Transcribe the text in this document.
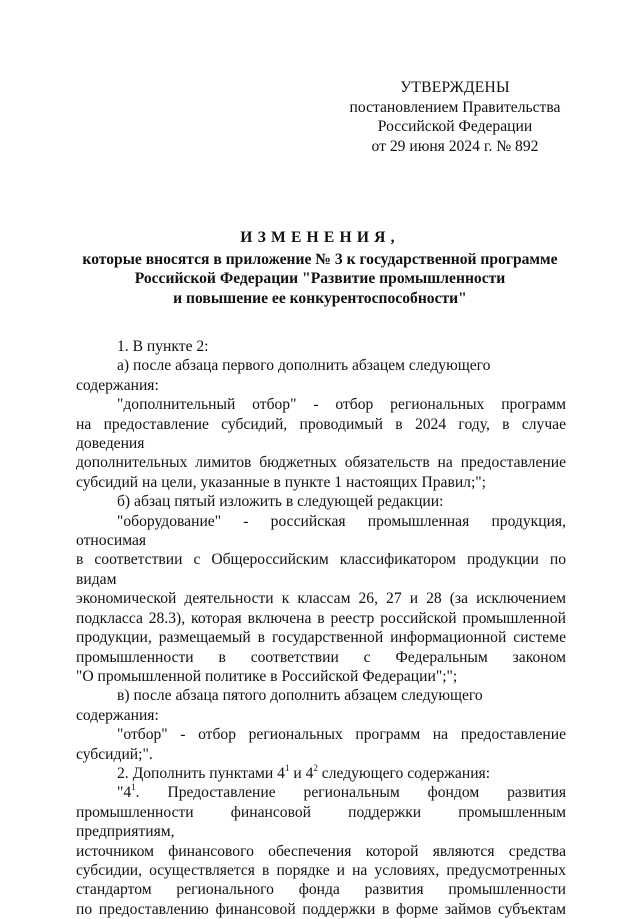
УТВЕРЖДЕНЫ
постановлением Правительства
Российской Федерации
от 29 июня 2024 г. № 892
ИЗМЕНЕНИЯ,
которые вносятся в приложение № 3 к государственной программе
Российской Федерации "Развитие промышленности
и повышение ее конкурентоспособности"
1. В пункте 2:
а) после абзаца первого дополнить абзацем следующего содержания:
"дополнительный отбор" - отбор региональных программ
на предоставление субсидий, проводимый в 2024 году, в случае доведения
дополнительных лимитов бюджетных обязательств на предоставление
субсидий на цели, указанные в пункте 1 настоящих Правил;";
б) абзац пятый изложить в следующей редакции:
"оборудование" - российская промышленная продукция, относимая
в соответствии с Общероссийским классификатором продукции по видам
экономической деятельности к классам 26, 27 и 28 (за исключением
подкласса 28.3), которая включена в реестр российской промышленной
продукции, размещаемый в государственной информационной системе
промышленности в соответствии с Федеральным законом
"О промышленной политике в Российской Федерации";";
в) после абзаца пятого дополнить абзацем следующего содержания:
"отбор" - отбор региональных программ на предоставление
субсидий;".
2. Дополнить пунктами $4^1$ и $4^2$ следующего содержания:
"$4^1$. Предоставление региональным фондом развития
промышленности финансовой поддержки промышленным предприятиям,
источником финансового обеспечения которой являются средства
субсидии, осуществляется в порядке и на условиях, предусмотренных
стандартом регионального фонда развития промышленности
по предоставлению финансовой поддержки в форме займов субъектам
